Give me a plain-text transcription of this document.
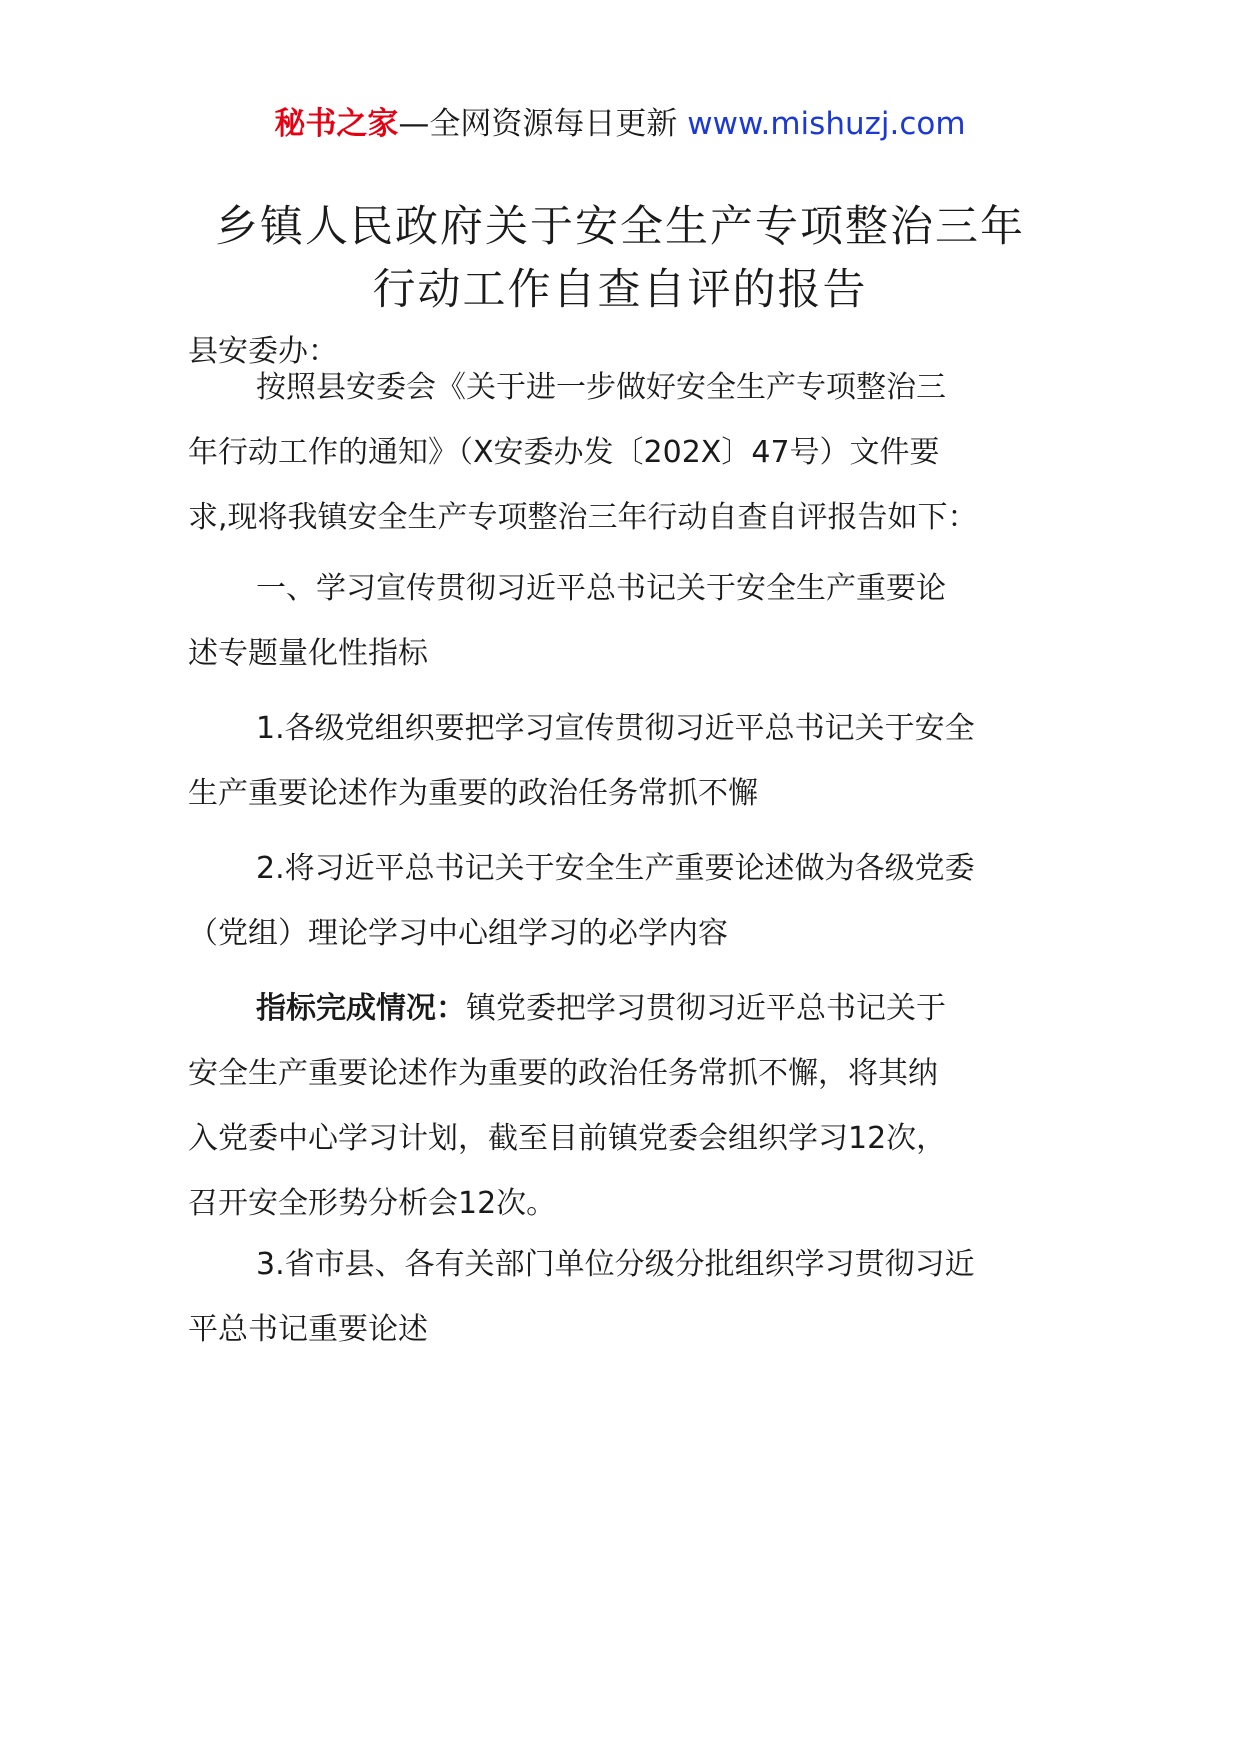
秘书之家—全网资源每日更新 www.mishuzj.com
乡镇人民政府关于安全生产专项整治三年
行动工作自查自评的报告
县安委办：
按照县安委会《关于进一步做好安全生产专项整治三
年行动工作的通知》（X安委办发〔202X〕47号）文件要
求,现将我镇安全生产专项整治三年行动自查自评报告如下：
一、学习宣传贯彻习近平总书记关于安全生产重要论
述专题量化性指标
1.各级党组织要把学习宣传贯彻习近平总书记关于安全
生产重要论述作为重要的政治任务常抓不懈
2.将习近平总书记关于安全生产重要论述做为各级党委
（党组）理论学习中心组学习的必学内容
指标完成情况：镇党委把学习贯彻习近平总书记关于
安全生产重要论述作为重要的政治任务常抓不懈，将其纳
入党委中心学习计划，截至目前镇党委会组织学习12次，
召开安全形势分析会12次。
3.省市县、各有关部门单位分级分批组织学习贯彻习近
平总书记重要论述
